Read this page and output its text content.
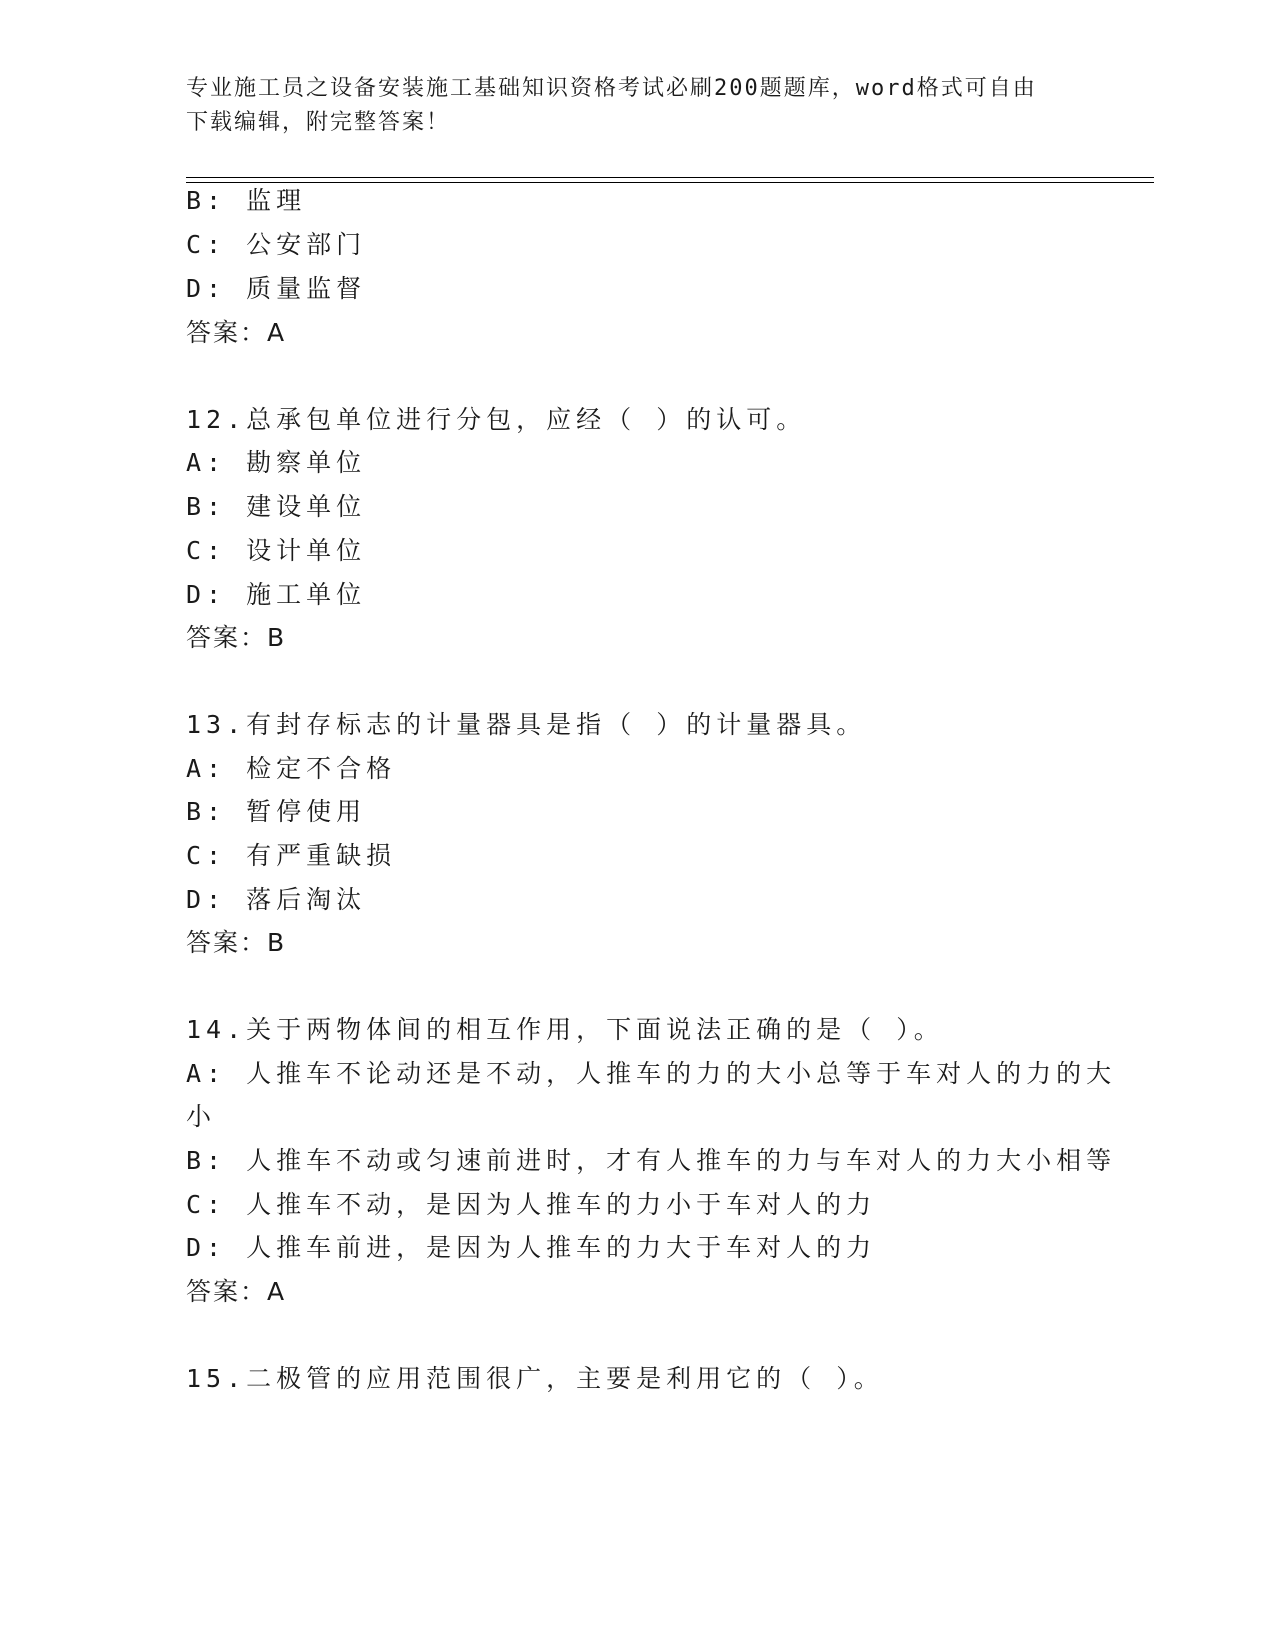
专业施工员之设备安装施工基础知识资格考试必刷200题题库，word格式可自由
下载编辑，附完整答案！
B: 监理
C: 公安部门
D: 质量监督
答案：A
12.总承包单位进行分包，应经（ ）的认可。
A: 勘察单位
B: 建设单位
C: 设计单位
D: 施工单位
答案：B
13.有封存标志的计量器具是指（ ）的计量器具。
A: 检定不合格
B: 暂停使用
C: 有严重缺损
D: 落后淘汰
答案：B
14.关于两物体间的相互作用，下面说法正确的是（ ）。
A: 人推车不论动还是不动，人推车的力的大小总等于车对人的力的大
小
B: 人推车不动或匀速前进时，才有人推车的力与车对人的力大小相等
C: 人推车不动，是因为人推车的力小于车对人的力
D: 人推车前进，是因为人推车的力大于车对人的力
答案：A
15.二极管的应用范围很广，主要是利用它的（ ）。
